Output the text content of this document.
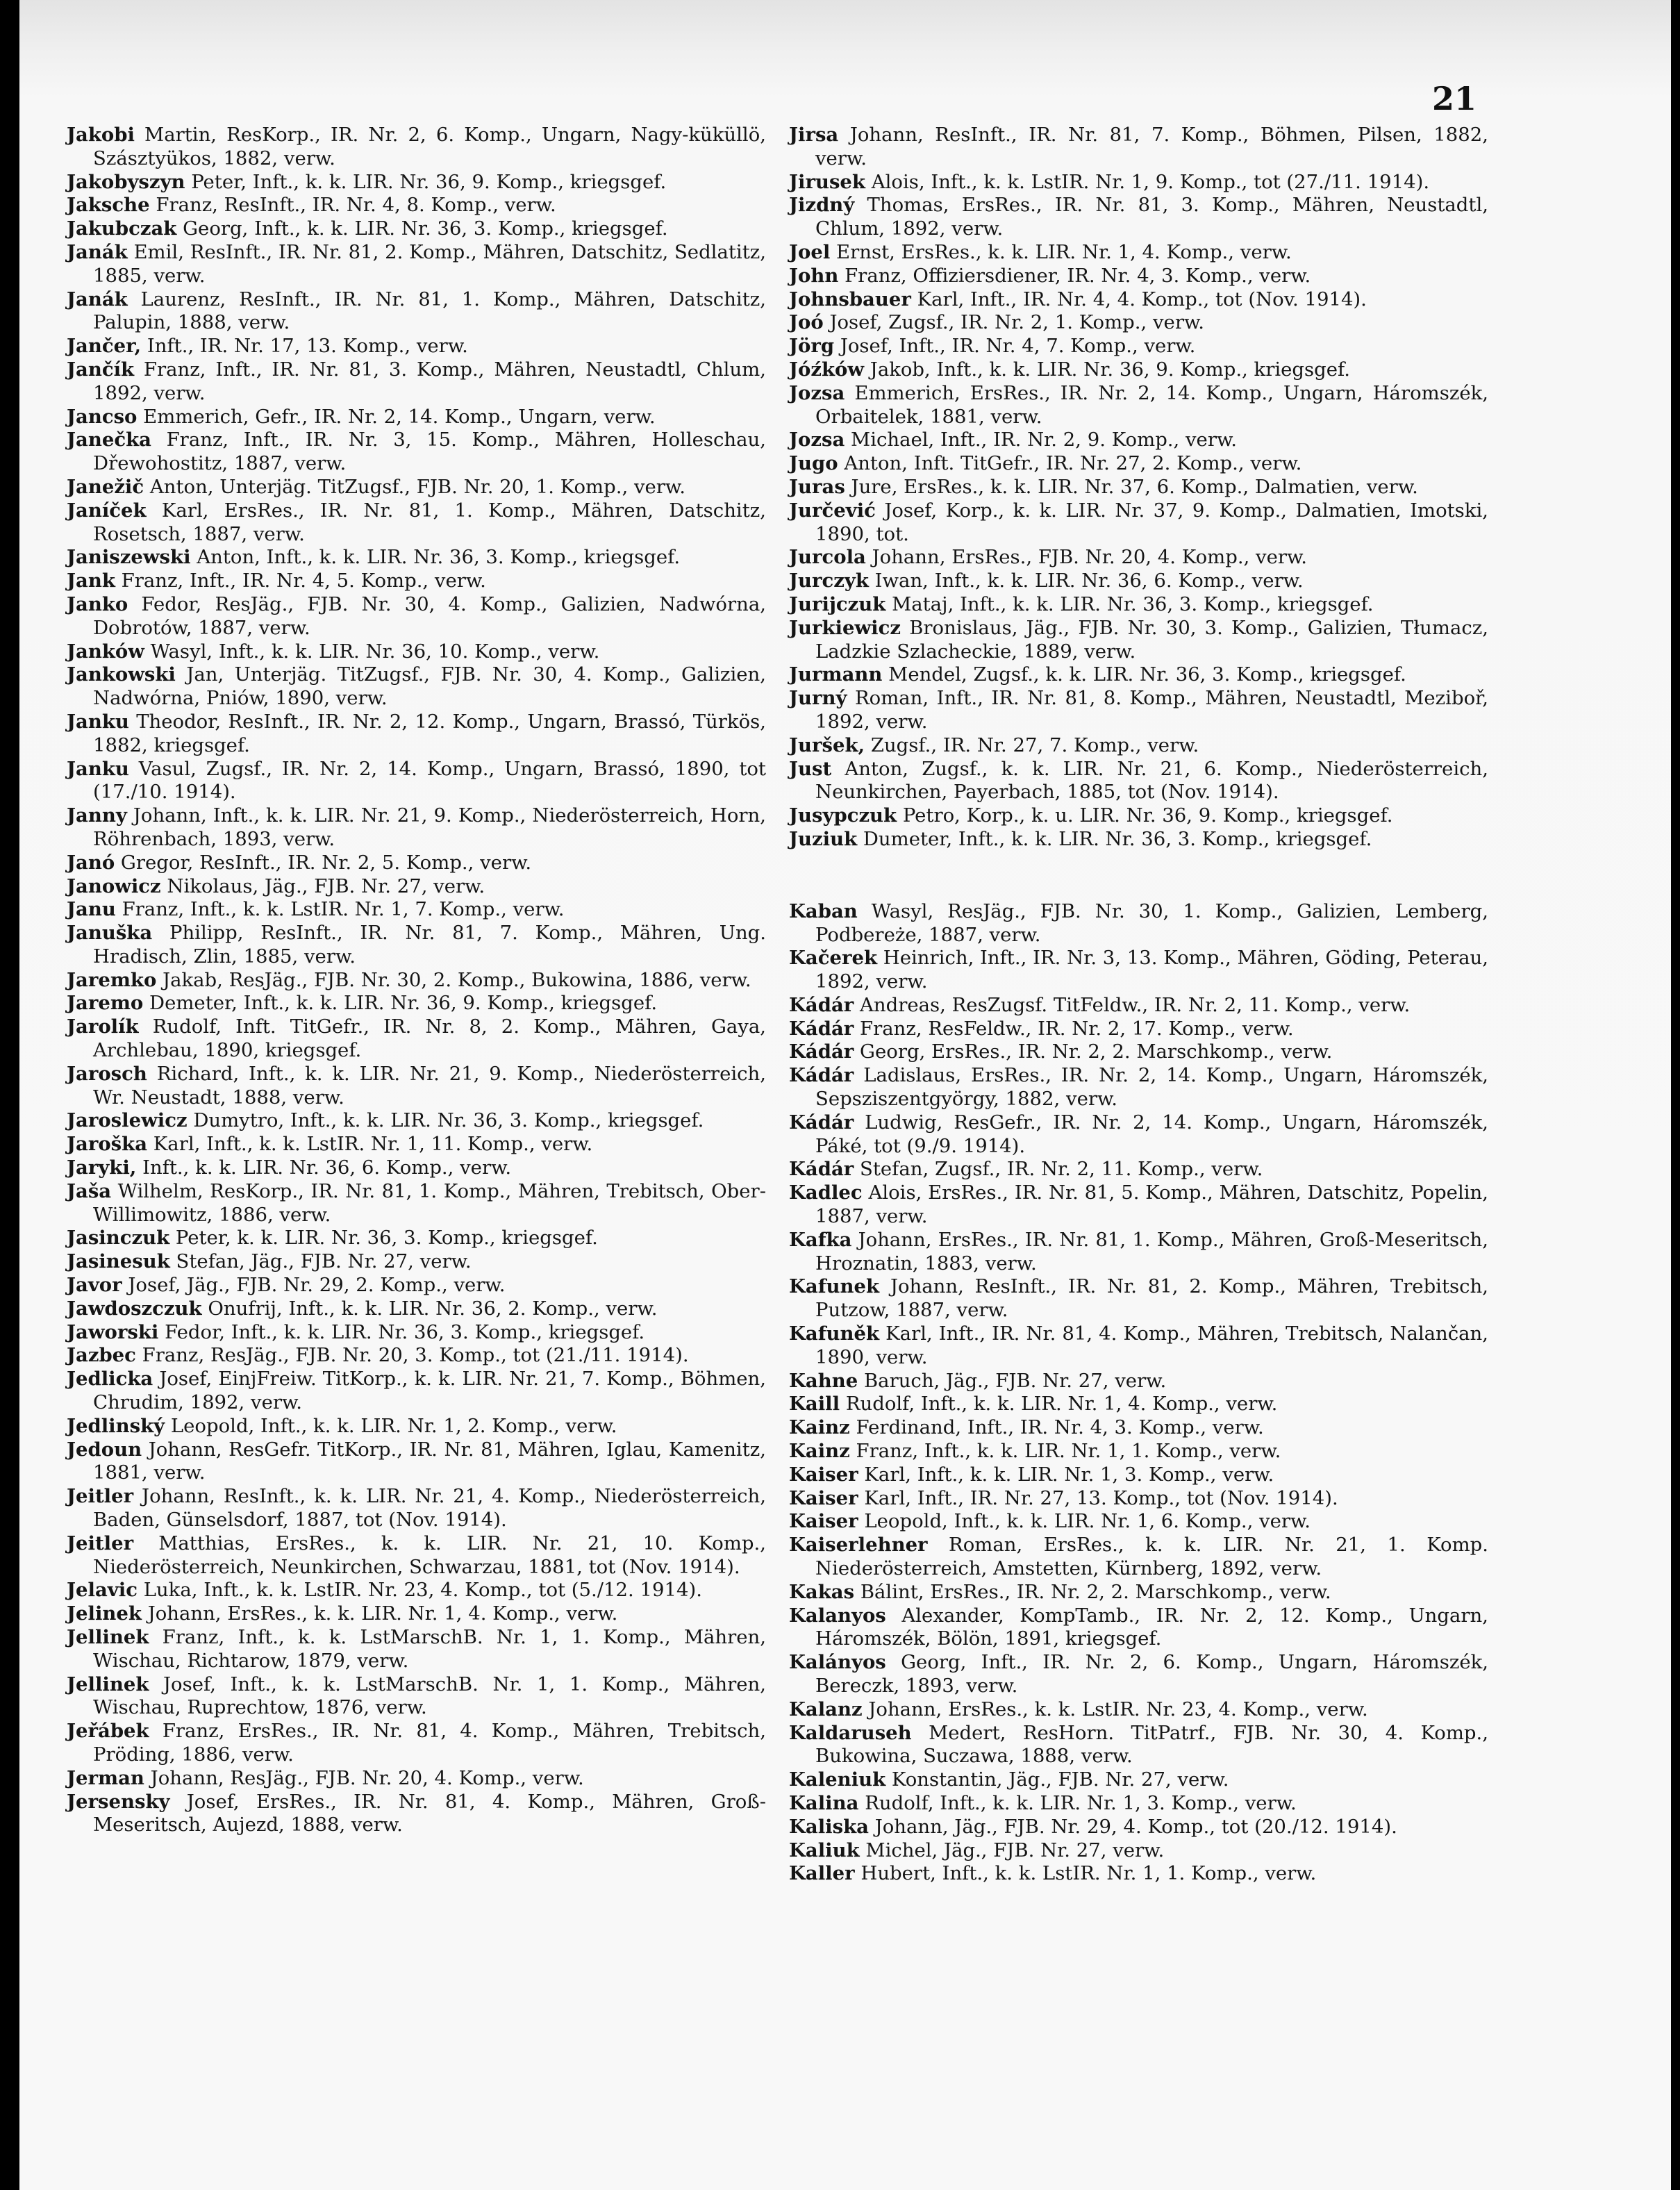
21
Jakobi Martin, ResKorp., IR. Nr. 2, 6. Komp., Ungarn, Nagy-küküllö, Szásztyükos, 1882, verw.
Jakobyszyn Peter, Inft., k. k. LIR. Nr. 36, 9. Komp., kriegsgef.
Jaksche Franz, ResInft., IR. Nr. 4, 8. Komp., verw.
Jakubczak Georg, Inft., k. k. LIR. Nr. 36, 3. Komp., kriegsgef.
Janák Emil, ResInft., IR. Nr. 81, 2. Komp., Mähren, Datschitz, Sedlatitz, 1885, verw.
Janák Laurenz, ResInft., IR. Nr. 81, 1. Komp., Mähren, Datschitz, Palupin, 1888, verw.
Jančer, Inft., IR. Nr. 17, 13. Komp., verw.
Jančík Franz, Inft., IR. Nr. 81, 3. Komp., Mähren, Neustadtl, Chlum, 1892, verw.
Jancso Emmerich, Gefr., IR. Nr. 2, 14. Komp., Ungarn, verw.
Janečka Franz, Inft., IR. Nr. 3, 15. Komp., Mähren, Holleschau, Dřewohostitz, 1887, verw.
Janežič Anton, Unterjäg. TitZugsf., FJB. Nr. 20, 1. Komp., verw.
Janíček Karl, ErsRes., IR. Nr. 81, 1. Komp., Mähren, Datschitz, Rosetsch, 1887, verw.
Janiszewski Anton, Inft., k. k. LIR. Nr. 36, 3. Komp., kriegsgef.
Jank Franz, Inft., IR. Nr. 4, 5. Komp., verw.
Janko Fedor, ResJäg., FJB. Nr. 30, 4. Komp., Galizien, Nadwórna, Dobrotów, 1887, verw.
Janków Wasyl, Inft., k. k. LIR. Nr. 36, 10. Komp., verw.
Jankowski Jan, Unterjäg. TitZugsf., FJB. Nr. 30, 4. Komp., Galizien, Nadwórna, Pniów, 1890, verw.
Janku Theodor, ResInft., IR. Nr. 2, 12. Komp., Ungarn, Brassó, Türkös, 1882, kriegsgef.
Janku Vasul, Zugsf., IR. Nr. 2, 14. Komp., Ungarn, Brassó, 1890, tot (17./10. 1914).
Janny Johann, Inft., k. k. LIR. Nr. 21, 9. Komp., Niederösterreich, Horn, Röhrenbach, 1893, verw.
Janó Gregor, ResInft., IR. Nr. 2, 5. Komp., verw.
Janowicz Nikolaus, Jäg., FJB. Nr. 27, verw.
Janu Franz, Inft., k. k. LstIR. Nr. 1, 7. Komp., verw.
Januška Philipp, ResInft., IR. Nr. 81, 7. Komp., Mähren, Ung. Hradisch, Zlin, 1885, verw.
Jaremko Jakab, ResJäg., FJB. Nr. 30, 2. Komp., Bukowina, 1886, verw.
Jaremo Demeter, Inft., k. k. LIR. Nr. 36, 9. Komp., kriegsgef.
Jarolík Rudolf, Inft. TitGefr., IR. Nr. 8, 2. Komp., Mähren, Gaya, Archlebau, 1890, kriegsgef.
Jarosch Richard, Inft., k. k. LIR. Nr. 21, 9. Komp., Niederösterreich, Wr. Neustadt, 1888, verw.
Jaroslewicz Dumytro, Inft., k. k. LIR. Nr. 36, 3. Komp., kriegsgef.
Jaroška Karl, Inft., k. k. LstIR. Nr. 1, 11. Komp., verw.
Jaryki, Inft., k. k. LIR. Nr. 36, 6. Komp., verw.
Jaša Wilhelm, ResKorp., IR. Nr. 81, 1. Komp., Mähren, Trebitsch, Ober-Willimowitz, 1886, verw.
Jasinczuk Peter, k. k. LIR. Nr. 36, 3. Komp., kriegsgef.
Jasinesuk Stefan, Jäg., FJB. Nr. 27, verw.
Javor Josef, Jäg., FJB. Nr. 29, 2. Komp., verw.
Jawdoszczuk Onufrij, Inft., k. k. LIR. Nr. 36, 2. Komp., verw.
Jaworski Fedor, Inft., k. k. LIR. Nr. 36, 3. Komp., kriegsgef.
Jazbec Franz, ResJäg., FJB. Nr. 20, 3. Komp., tot (21./11. 1914).
Jedlicka Josef, EinjFreiw. TitKorp., k. k. LIR. Nr. 21, 7. Komp., Böhmen, Chrudim, 1892, verw.
Jedlinský Leopold, Inft., k. k. LIR. Nr. 1, 2. Komp., verw.
Jedoun Johann, ResGefr. TitKorp., IR. Nr. 81, Mähren, Iglau, Kamenitz, 1881, verw.
Jeitler Johann, ResInft., k. k. LIR. Nr. 21, 4. Komp., Niederösterreich, Baden, Günselsdorf, 1887, tot (Nov. 1914).
Jeitler Matthias, ErsRes., k. k. LIR. Nr. 21, 10. Komp., Niederösterreich, Neunkirchen, Schwarzau, 1881, tot (Nov. 1914).
Jelavic Luka, Inft., k. k. LstIR. Nr. 23, 4. Komp., tot (5./12. 1914).
Jelinek Johann, ErsRes., k. k. LIR. Nr. 1, 4. Komp., verw.
Jellinek Franz, Inft., k. k. LstMarschB. Nr. 1, 1. Komp., Mähren, Wischau, Richtarow, 1879, verw.
Jellinek Josef, Inft., k. k. LstMarschB. Nr. 1, 1. Komp., Mähren, Wischau, Ruprechtow, 1876, verw.
Jeřábek Franz, ErsRes., IR. Nr. 81, 4. Komp., Mähren, Trebitsch, Pröding, 1886, verw.
Jerman Johann, ResJäg., FJB. Nr. 20, 4. Komp., verw.
Jersensky Josef, ErsRes., IR. Nr. 81, 4. Komp., Mähren, Groß-Meseritsch, Aujezd, 1888, verw.
Jirsa Johann, ResInft., IR. Nr. 81, 7. Komp., Böhmen, Pilsen, 1882, verw.
Jirusek Alois, Inft., k. k. LstIR. Nr. 1, 9. Komp., tot (27./11. 1914).
Jizdný Thomas, ErsRes., IR. Nr. 81, 3. Komp., Mähren, Neustadtl, Chlum, 1892, verw.
Joel Ernst, ErsRes., k. k. LIR. Nr. 1, 4. Komp., verw.
John Franz, Offiziersdiener, IR. Nr. 4, 3. Komp., verw.
Johnsbauer Karl, Inft., IR. Nr. 4, 4. Komp., tot (Nov. 1914).
Joó Josef, Zugsf., IR. Nr. 2, 1. Komp., verw.
Jörg Josef, Inft., IR. Nr. 4, 7. Komp., verw.
Jóźków Jakob, Inft., k. k. LIR. Nr. 36, 9. Komp., kriegsgef.
Jozsa Emmerich, ErsRes., IR. Nr. 2, 14. Komp., Ungarn, Háromszék, Orbaitelek, 1881, verw.
Jozsa Michael, Inft., IR. Nr. 2, 9. Komp., verw.
Jugo Anton, Inft. TitGefr., IR. Nr. 27, 2. Komp., verw.
Juras Jure, ErsRes., k. k. LIR. Nr. 37, 6. Komp., Dalmatien, verw.
Jurčević Josef, Korp., k. k. LIR. Nr. 37, 9. Komp., Dalmatien, Imotski, 1890, tot.
Jurcola Johann, ErsRes., FJB. Nr. 20, 4. Komp., verw.
Jurczyk Iwan, Inft., k. k. LIR. Nr. 36, 6. Komp., verw.
Jurijczuk Mataj, Inft., k. k. LIR. Nr. 36, 3. Komp., kriegsgef.
Jurkiewicz Bronislaus, Jäg., FJB. Nr. 30, 3. Komp., Galizien, Tłumacz, Ladzkie Szlacheckie, 1889, verw.
Jurmann Mendel, Zugsf., k. k. LIR. Nr. 36, 3. Komp., kriegsgef.
Jurný Roman, Inft., IR. Nr. 81, 8. Komp., Mähren, Neustadtl, Meziboř, 1892, verw.
Juršek, Zugsf., IR. Nr. 27, 7. Komp., verw.
Just Anton, Zugsf., k. k. LIR. Nr. 21, 6. Komp., Niederösterreich, Neunkirchen, Payerbach, 1885, tot (Nov. 1914).
Jusypczuk Petro, Korp., k. u. LIR. Nr. 36, 9. Komp., kriegsgef.
Juziuk Dumeter, Inft., k. k. LIR. Nr. 36, 3. Komp., kriegsgef.
Kaban Wasyl, ResJäg., FJB. Nr. 30, 1. Komp., Galizien, Lemberg, Podbereże, 1887, verw.
Kačerek Heinrich, Inft., IR. Nr. 3, 13. Komp., Mähren, Göding, Peterau, 1892, verw.
Kádár Andreas, ResZugsf. TitFeldw., IR. Nr. 2, 11. Komp., verw.
Kádár Franz, ResFeldw., IR. Nr. 2, 17. Komp., verw.
Kádár Georg, ErsRes., IR. Nr. 2, 2. Marschkomp., verw.
Kádár Ladislaus, ErsRes., IR. Nr. 2, 14. Komp., Ungarn, Háromszék, Sepsziszentgyörgy, 1882, verw.
Kádár Ludwig, ResGefr., IR. Nr. 2, 14. Komp., Ungarn, Háromszék, Páké, tot (9./9. 1914).
Kádár Stefan, Zugsf., IR. Nr. 2, 11. Komp., verw.
Kadlec Alois, ErsRes., IR. Nr. 81, 5. Komp., Mähren, Datschitz, Popelin, 1887, verw.
Kafka Johann, ErsRes., IR. Nr. 81, 1. Komp., Mähren, Groß-Meseritsch, Hroznatin, 1883, verw.
Kafunek Johann, ResInft., IR. Nr. 81, 2. Komp., Mähren, Trebitsch, Putzow, 1887, verw.
Kafuněk Karl, Inft., IR. Nr. 81, 4. Komp., Mähren, Trebitsch, Nalančan, 1890, verw.
Kahne Baruch, Jäg., FJB. Nr. 27, verw.
Kaill Rudolf, Inft., k. k. LIR. Nr. 1, 4. Komp., verw.
Kainz Ferdinand, Inft., IR. Nr. 4, 3. Komp., verw.
Kainz Franz, Inft., k. k. LIR. Nr. 1, 1. Komp., verw.
Kaiser Karl, Inft., k. k. LIR. Nr. 1, 3. Komp., verw.
Kaiser Karl, Inft., IR. Nr. 27, 13. Komp., tot (Nov. 1914).
Kaiser Leopold, Inft., k. k. LIR. Nr. 1, 6. Komp., verw.
Kaiserlehner Roman, ErsRes., k. k. LIR. Nr. 21, 1. Komp. Niederösterreich, Amstetten, Kürnberg, 1892, verw.
Kakas Bálint, ErsRes., IR. Nr. 2, 2. Marschkomp., verw.
Kalanyos Alexander, KompTamb., IR. Nr. 2, 12. Komp., Ungarn, Háromszék, Bölön, 1891, kriegsgef.
Kalányos Georg, Inft., IR. Nr. 2, 6. Komp., Ungarn, Háromszék, Bereczk, 1893, verw.
Kalanz Johann, ErsRes., k. k. LstIR. Nr. 23, 4. Komp., verw.
Kaldaruseh Medert, ResHorn. TitPatrf., FJB. Nr. 30, 4. Komp., Bukowina, Suczawa, 1888, verw.
Kaleniuk Konstantin, Jäg., FJB. Nr. 27, verw.
Kalina Rudolf, Inft., k. k. LIR. Nr. 1, 3. Komp., verw.
Kaliska Johann, Jäg., FJB. Nr. 29, 4. Komp., tot (20./12. 1914).
Kaliuk Michel, Jäg., FJB. Nr. 27, verw.
Kaller Hubert, Inft., k. k. LstIR. Nr. 1, 1. Komp., verw.
